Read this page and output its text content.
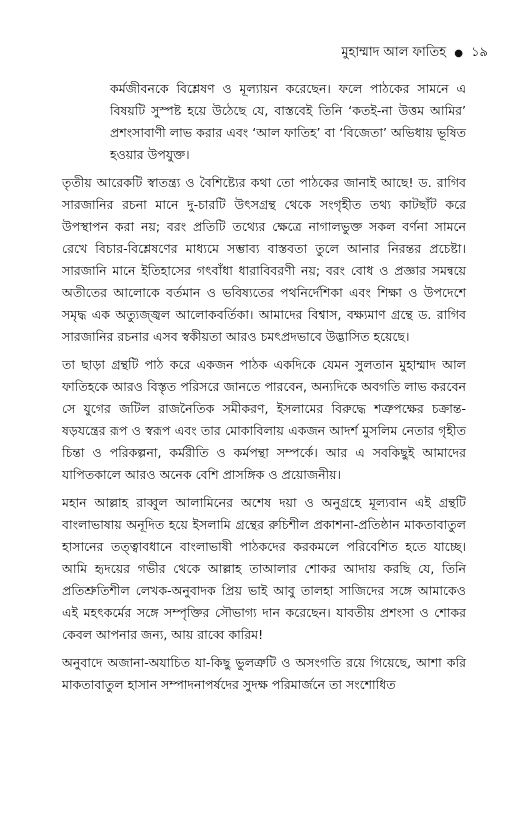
মুহাম্মাদ আল ফাতিহ ● ১৯
কর্মজীবনকে বিশ্লেষণ ও মূল্যায়ন করেছেন। ফলে পাঠকের সামনে এ বিষয়টি সুস্পষ্ট হয়ে উঠেছে যে, বাস্তবেই তিনি ‘কতই-না উত্তম আমির’ প্রশংসাবাণী লাভ করার এবং ‘আল ফাতিহ’ বা ‘বিজেতা’ অভিধায় ভূষিত হওয়ার উপযুক্ত।
তৃতীয় আরেকটি স্বাতন্ত্র্য ও বৈশিষ্ট্যের কথা তো পাঠকের জানাই আছে! ড. রাগিব সারজানির রচনা মানে দু-চারটি উৎসগ্রন্থ থেকে সংগৃহীত তথ্য কাটছাঁট করে উপস্থাপন করা নয়; বরং প্রতিটি তথ্যের ক্ষেত্রে নাগালভুক্ত সকল বর্ণনা সামনে রেখে বিচার-বিশ্লেষণের মাধ্যমে সম্ভাব্য বাস্তবতা তুলে আনার নিরন্তর প্রচেষ্টা। সারজানি মানে ইতিহাসের গৎবাঁধা ধারাবিবরণী নয়; বরং বোধ ও প্রজ্ঞার সমন্বয়ে অতীতের আলোকে বর্তমান ও ভবিষ্যতের পথনির্দেশিকা এবং শিক্ষা ও উপদেশে সমৃদ্ধ এক অত্যুজ্জ্বল আলোকবর্তিকা। আমাদের বিশ্বাস, বক্ষ্যমাণ গ্রন্থে ড. রাগিব সারজানির রচনার এসব স্বকীয়তা আরও চমৎপ্রদভাবে উদ্ভাসিত হয়েছে।
তা ছাড়া গ্রন্থটি পাঠ করে একজন পাঠক একদিকে যেমন সুলতান মুহাম্মাদ আল ফাতিহকে আরও বিস্তৃত পরিসরে জানতে পারবেন, অন্যদিকে অবগতি লাভ করবেন সে যুগের জটিল রাজনৈতিক সমীকরণ, ইসলামের বিরুদ্ধে শত্রুপক্ষের চক্রান্ত-ষড়যন্ত্রের রূপ ও স্বরূপ এবং তার মোকাবিলায় একজন আদর্শ মুসলিম নেতার গৃহীত চিন্তা ও পরিকল্পনা, কর্মরীতি ও কর্মপন্থা সম্পর্কে। আর এ সবকিছুই আমাদের যাপিতকালে আরও অনেক বেশি প্রাসঙ্গিক ও প্রয়োজনীয়।
মহান আল্লাহ রাব্বুল আলামিনের অশেষ দয়া ও অনুগ্রহে মূল্যবান এই গ্রন্থটি বাংলাভাষায় অনূদিত হয়ে ইসলামি গ্রন্থের রুচিশীল প্রকাশনা-প্রতিষ্ঠান মাকতাবাতুল হাসানের তত্ত্বাবধানে বাংলাভাষী পাঠকদের করকমলে পরিবেশিত হতে যাচ্ছে। আমি হৃদয়ের গভীর থেকে আল্লাহ তাআলার শোকর আদায় করছি যে, তিনি প্রতিশ্রুতিশীল লেখক-অনুবাদক প্রিয় ভাই আবু তালহা সাজিদের সঙ্গে আমাকেও এই মহৎকর্মের সঙ্গে সম্পৃক্তির সৌভাগ্য দান করেছেন। যাবতীয় প্রশংসা ও শোকর কেবল আপনার জন্য, আয় রাব্বে কারিম!
অনুবাদে অজানা-অযাচিত যা-কিছু ভুলত্রুটি ও অসংগতি রয়ে গিয়েছে, আশা করি মাকতাবাতুল হাসান সম্পাদনাপর্ষদের সুদক্ষ পরিমার্জনে তা সংশোধিত
